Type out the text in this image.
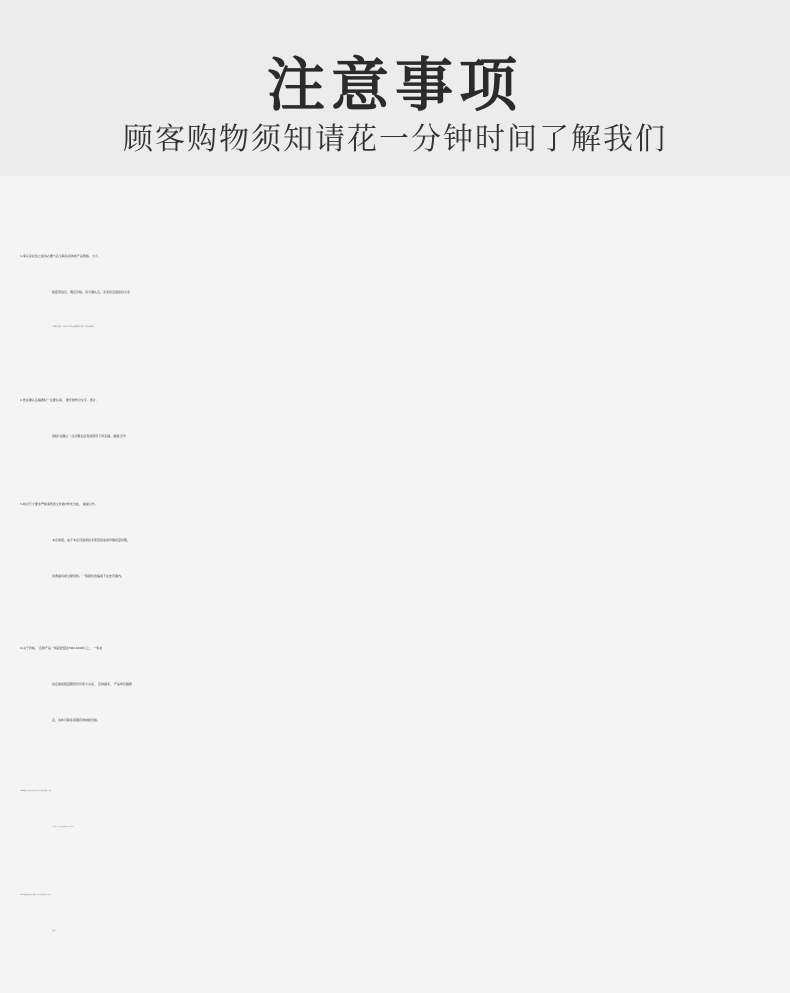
注意事项
顾客购物须知请花一分钟时间了解我们
1.请买家在拍之前务必要与店主联系具体的产品规格、大小、
数量等信息，确定价格。双方确认后，卖家将发链接给买家
买家便可付款， 卖家正式下单,页面价格不含税，开票另外加点。
2.您在确认定稿图时一定要认真， 要仔细核对文字、图片、
排版!在确认一点问题也没有的情况下再定稿。谢谢合作!
3.如对尺寸要求严格请您的文件做3毫米出血， 谢谢合作。
本店承诺，由于本店设备或技术原因造成的印刷质量问题，
免费重印或全额退款。一般颜色的偏差不在此范围内。
4.关于价格， 定制产品一般起批量在500-1000以上， 一般来
说定做的数量跟报价有很大关系， 定制越多， 产品单价越便
宜，具体可联系客服咨询拼版价格。
5.印刷周期时间，现货48小时内发货，定制产品在确认定稿后，一般在
7个工作日内，如果工艺复杂的在10-12个工作日。
6.物流签收前请检查货物是否有问题，定制产品非质量问题，不接受退
货退款。
